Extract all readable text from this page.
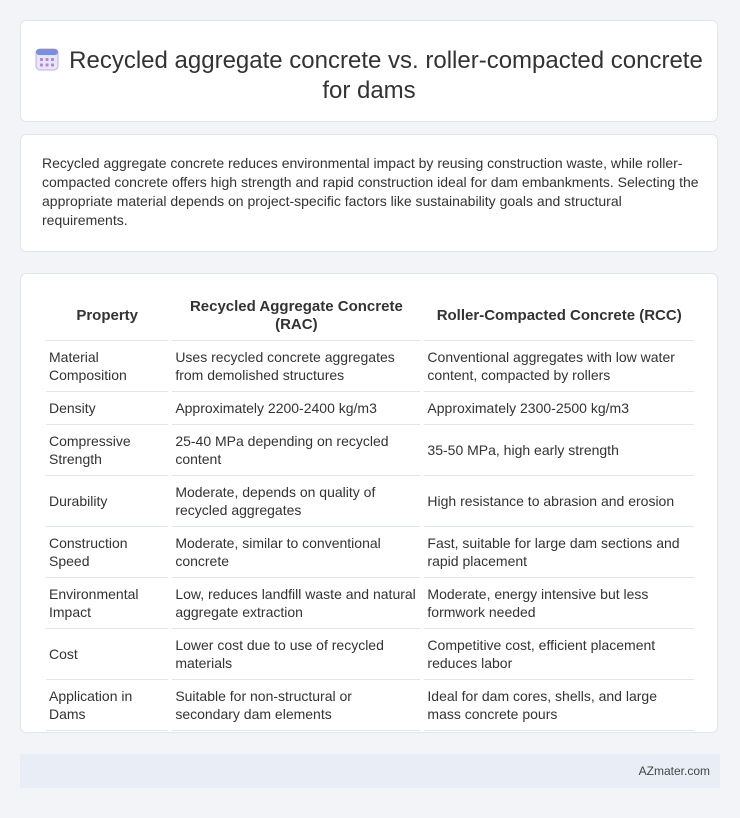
Recycled aggregate concrete vs. roller-compacted concrete for dams
Recycled aggregate concrete reduces environmental impact by reusing construction waste, while roller-compacted concrete offers high strength and rapid construction ideal for dam embankments. Selecting the appropriate material depends on project-specific factors like sustainability goals and structural requirements.
Property	Recycled Aggregate Concrete (RAC)	Roller-Compacted Concrete (RCC)
Material Composition	Uses recycled concrete aggregates from demolished structures	Conventional aggregates with low water content, compacted by rollers
Density	Approximately 2200-2400 kg/m3	Approximately 2300-2500 kg/m3
Compressive Strength	25-40 MPa depending on recycled content	35-50 MPa, high early strength
Durability	Moderate, depends on quality of recycled aggregates	High resistance to abrasion and erosion
Construction Speed	Moderate, similar to conventional concrete	Fast, suitable for large dam sections and rapid placement
Environmental Impact	Low, reduces landfill waste and natural aggregate extraction	Moderate, energy intensive but less formwork needed
Cost	Lower cost due to use of recycled materials	Competitive cost, efficient placement reduces labor
Application in Dams	Suitable for non-structural or secondary dam elements	Ideal for dam cores, shells, and large mass concrete pours
AZmater.com
